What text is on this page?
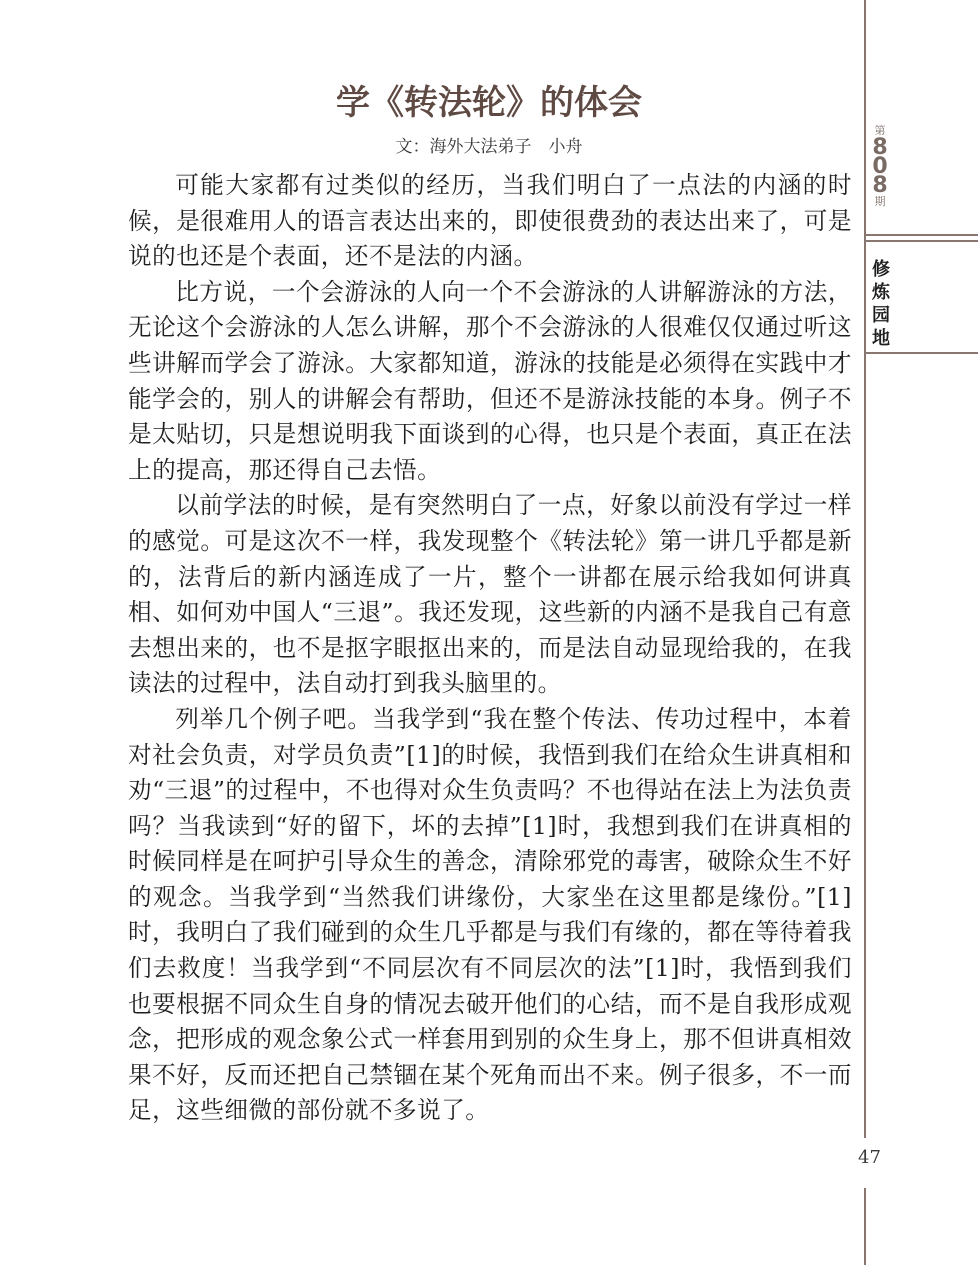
第
8
0
8
期
修
炼
园
地
47
学《转法轮》的体会
文：海外大法弟子　小舟

可能大家都有过类似的经历，当我们明白了一点法的内涵的时候，是很难用人的语言表达出来的，即使很费劲的表达出来了，可是说的也还是个表面，还不是法的内涵。

比方说，一个会游泳的人向一个不会游泳的人讲解游泳的方法，无论这个会游泳的人怎么讲解，那个不会游泳的人很难仅仅通过听这些讲解而学会了游泳。大家都知道，游泳的技能是必须得在实践中才能学会的，别人的讲解会有帮助，但还不是游泳技能的本身。例子不是太贴切，只是想说明我下面谈到的心得，也只是个表面，真正在法上的提高，那还得自己去悟。

以前学法的时候，是有突然明白了一点，好象以前没有学过一样的感觉。可是这次不一样，我发现整个《转法轮》第一讲几乎都是新的，法背后的新内涵连成了一片，整个一讲都在展示给我如何讲真相、如何劝中国人“三退”。我还发现，这些新的内涵不是我自己有意去想出来的，也不是抠字眼抠出来的，而是法自动显现给我的，在我读法的过程中，法自动打到我头脑里的。

列举几个例子吧。当我学到“我在整个传法、传功过程中，本着对社会负责，对学员负责”[1]的时候，我悟到我们在给众生讲真相和劝“三退”的过程中，不也得对众生负责吗？不也得站在法上为法负责吗？当我读到“好的留下，坏的去掉”[1]时，我想到我们在讲真相的时候同样是在呵护引导众生的善念，清除邪党的毒害，破除众生不好的观念。当我学到“当然我们讲缘份，大家坐在这里都是缘份。”[1]时，我明白了我们碰到的众生几乎都是与我们有缘的，都在等待着我们去救度！当我学到“不同层次有不同层次的法”[1]时，我悟到我们也要根据不同众生自身的情况去破开他们的心结，而不是自我形成观念，把形成的观念象公式一样套用到别的众生身上，那不但讲真相效果不好，反而还把自己禁锢在某个死角而出不来。例子很多，不一而足，这些细微的部份就不多说了。
